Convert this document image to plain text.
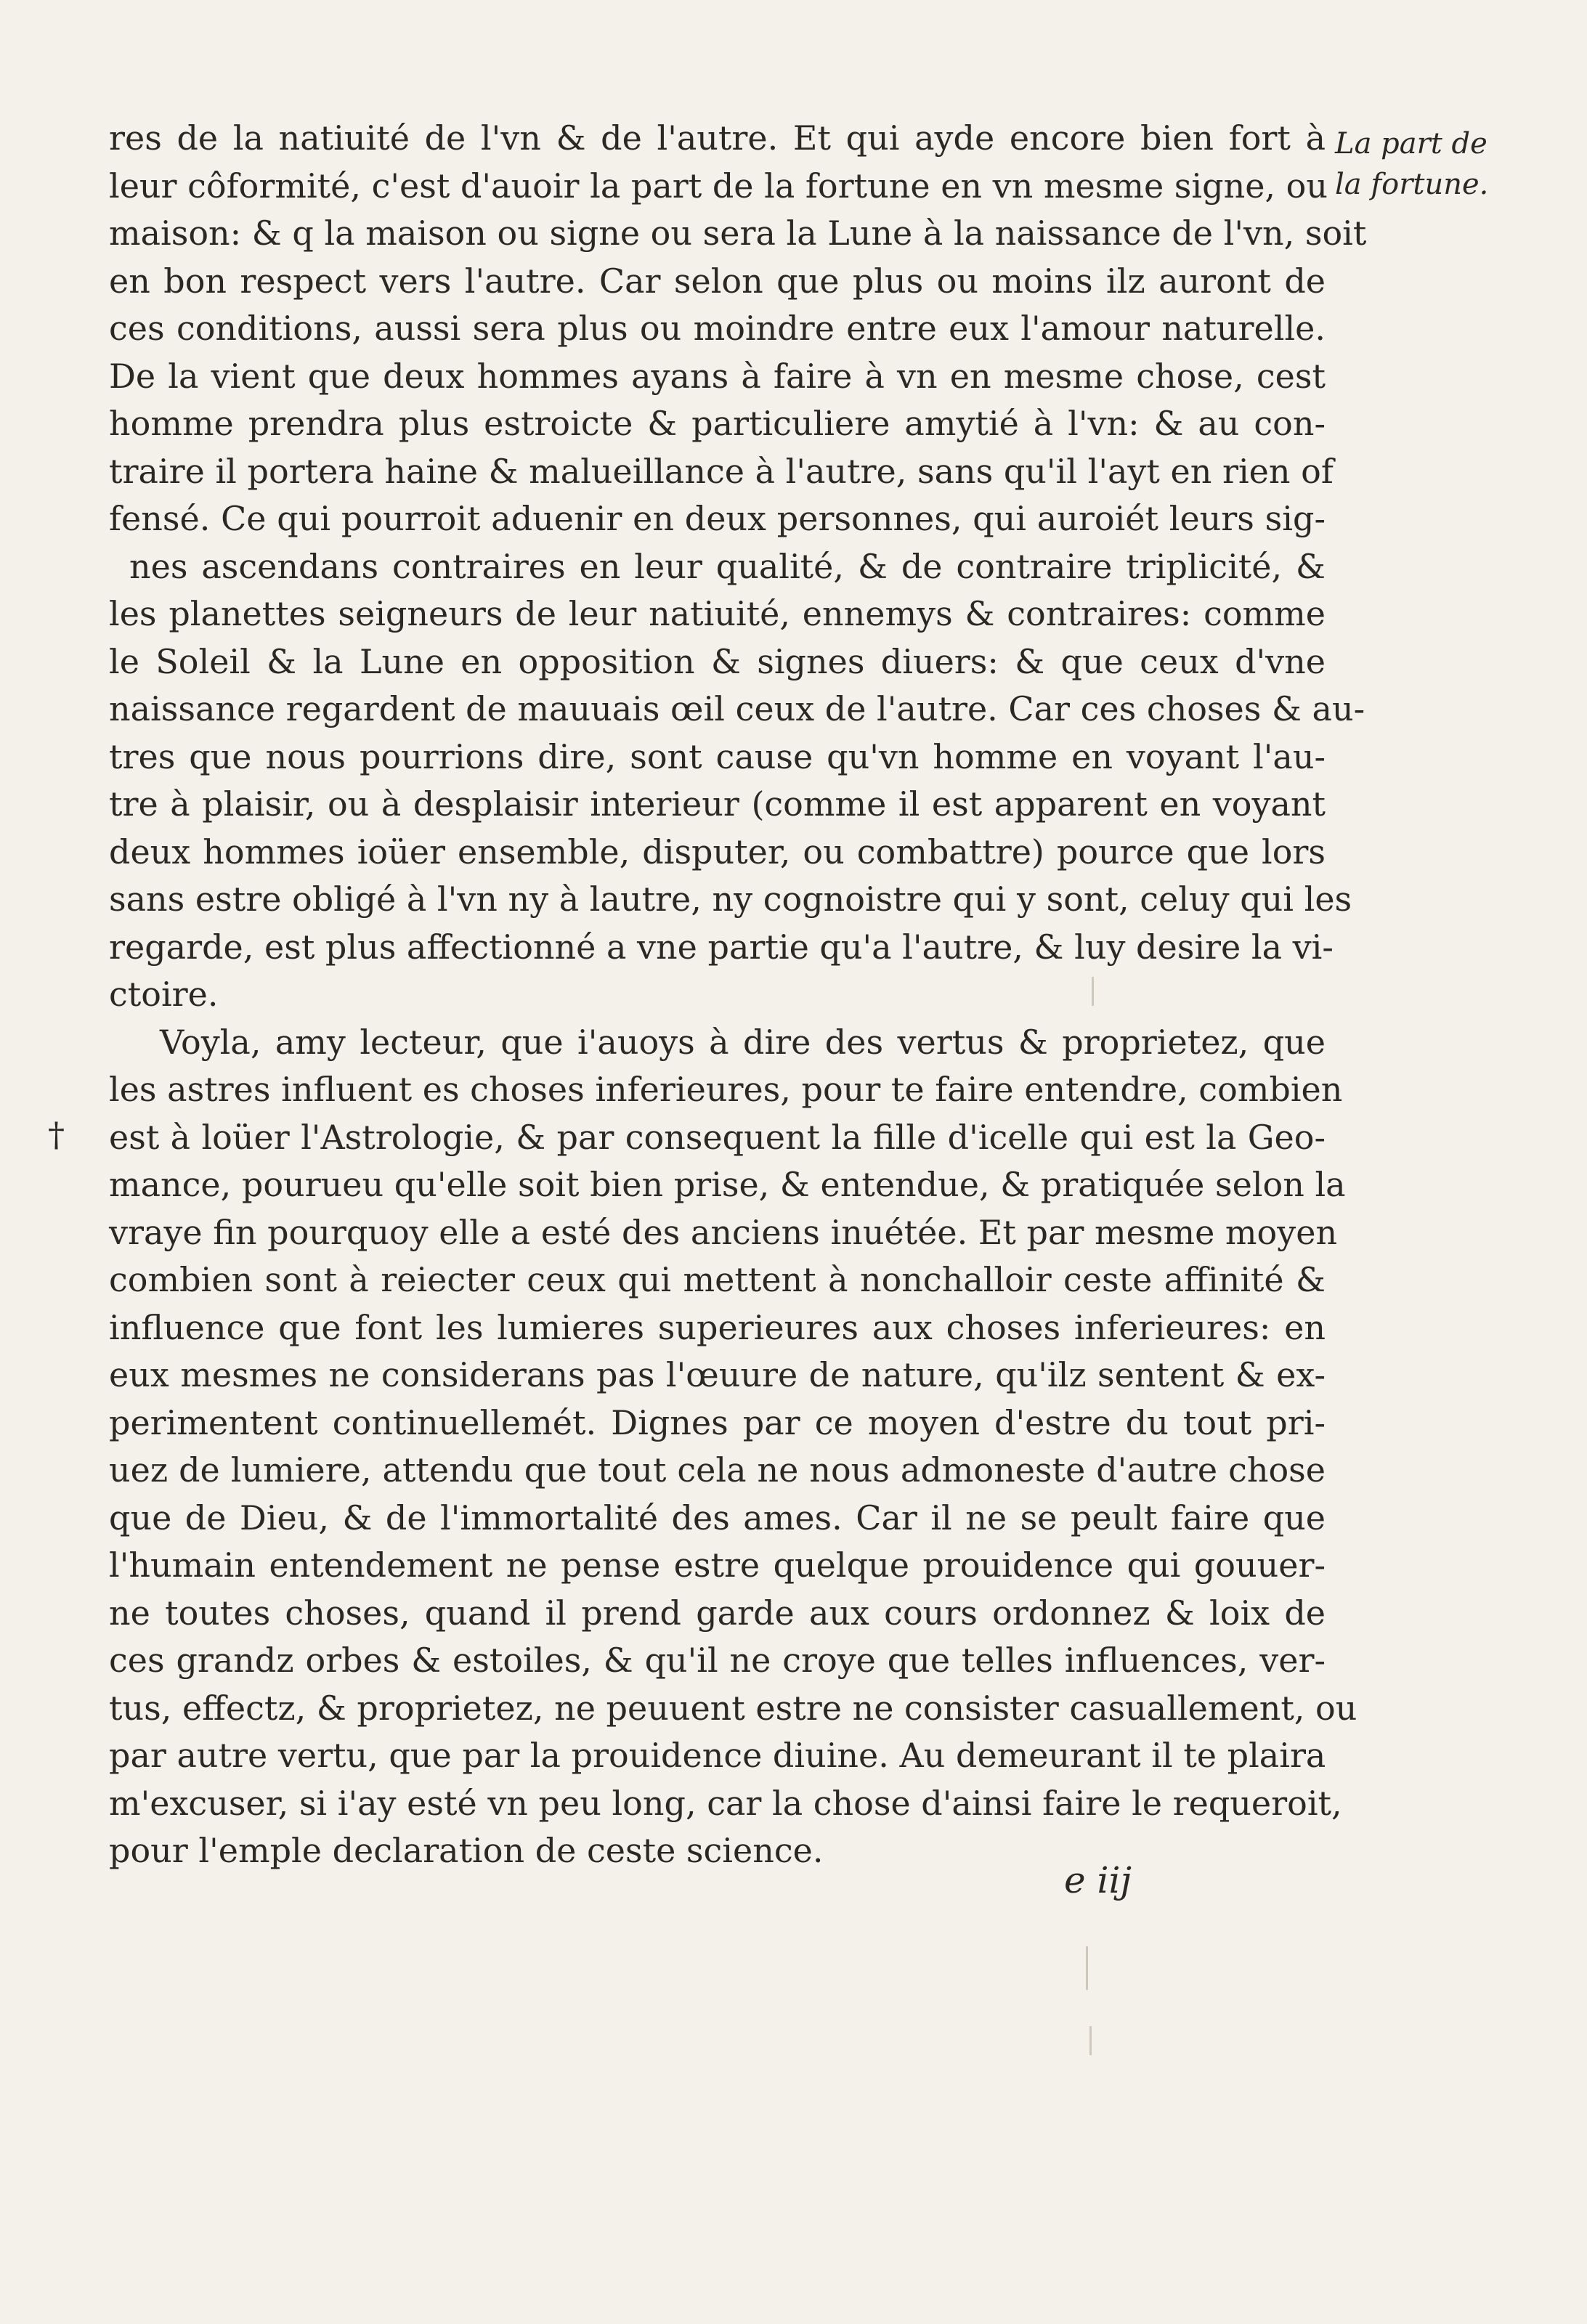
res de la natiuité de l'vn & de l'autre. Et qui ayde encore bien fort à
leur côformité, c'est d'auoir la part de la fortune en vn mesme signe, ou
maison: & q la maison ou signe ou sera la Lune à la naissance de l'vn, soit
en bon respect vers l'autre. Car selon que plus ou moins ilz auront de
ces conditions, aussi sera plus ou moindre entre eux l'amour naturelle.
De la vient que deux hommes ayans à faire à vn en mesme chose, cest
homme prendra plus estroicte & particuliere amytié à l'vn: & au con-
traire il portera haine & malueillance à l'autre, sans qu'il l'ayt en rien of
fensé. Ce qui pourroit aduenir en deux personnes, qui auroiét leurs sig-
nes ascendans contraires en leur qualité, & de contraire triplicité, &
les planettes seigneurs de leur natiuité, ennemys & contraires: comme
le Soleil & la Lune en opposition & signes diuers: & que ceux d'vne
naissance regardent de mauuais œil ceux de l'autre. Car ces choses & au-
tres que nous pourrions dire, sont cause qu'vn homme en voyant l'au-
tre à plaisir, ou à desplaisir interieur (comme il est apparent en voyant
deux hommes ioüer ensemble, disputer, ou combattre) pource que lors
sans estre obligé à l'vn ny à lautre, ny cognoistre qui y sont, celuy qui les
regarde, est plus affectionné a vne partie qu'a l'autre, & luy desire la vi-
ctoire.
Voyla, amy lecteur, que i'auoys à dire des vertus & proprietez, que
les astres influent es choses inferieures, pour te faire entendre, combien
est à loüer l'Astrologie, & par consequent la fille d'icelle qui est la Geo-
mance, pourueu qu'elle soit bien prise, & entendue, & pratiquée selon la
vraye fin pourquoy elle a esté des anciens inuétée. Et par mesme moyen
combien sont à reiecter ceux qui mettent à nonchalloir ceste affinité &
influence que font les lumieres superieures aux choses inferieures: en
eux mesmes ne considerans pas l'œuure de nature, qu'ilz sentent & ex-
perimentent continuellemét. Dignes par ce moyen d'estre du tout pri-
uez de lumiere, attendu que tout cela ne nous admoneste d'autre chose
que de Dieu, & de l'immortalité des ames. Car il ne se peult faire que
l'humain entendement ne pense estre quelque prouidence qui gouuer-
ne toutes choses, quand il prend garde aux cours ordonnez & loix de
ces grandz orbes & estoiles, & qu'il ne croye que telles influences, ver-
tus, effectz, & proprietez, ne peuuent estre ne consister casuallement, ou
par autre vertu, que par la prouidence diuine. Au demeurant il te plaira
m'excuser, si i'ay esté vn peu long, car la chose d'ainsi faire le requeroit,
pour l'emple declaration de ceste science.
La part de
la fortune.
†
e iij
